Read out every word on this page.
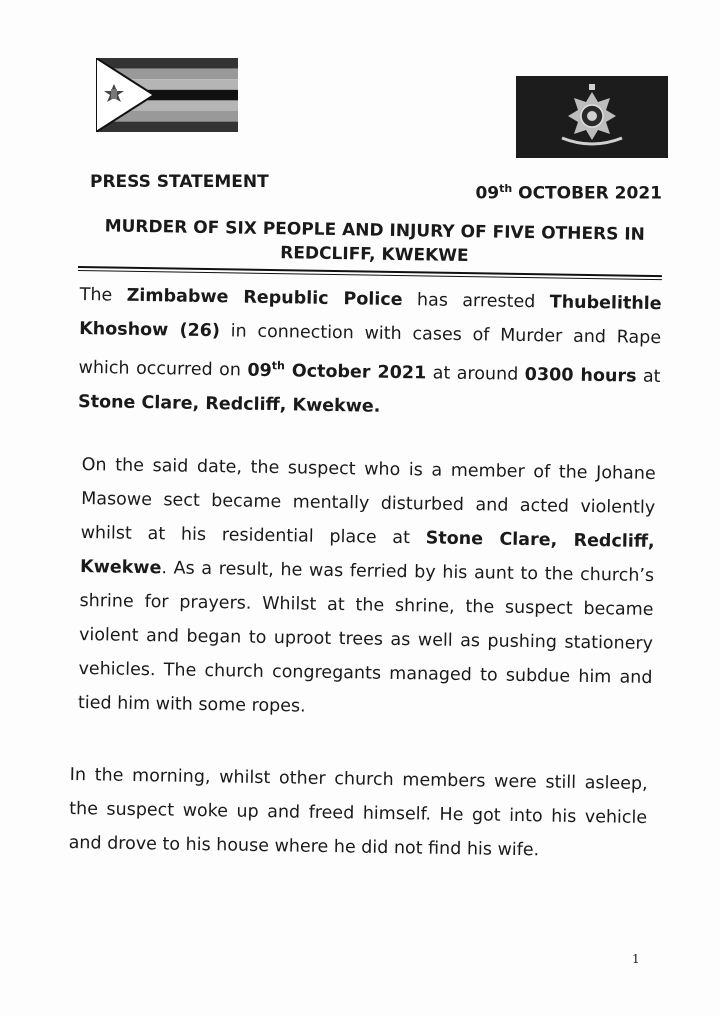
PRESS STATEMENT
09th OCTOBER 2021
MURDER OF SIX PEOPLE AND INJURY OF FIVE OTHERS IN
REDCLIFF, KWEKWE
The Zimbabwe Republic Police has arrested Thubelithle Khoshow (26) in connection with cases of Murder and Rape which occurred on 09th October 2021 at around 0300 hours at Stone Clare, Redcliff, Kwekwe.
On the said date, the suspect who is a member of the Johane Masowe sect became mentally disturbed and acted violently whilst at his residential place at Stone Clare, Redcliff, Kwekwe. As a result, he was ferried by his aunt to the church’s shrine for prayers. Whilst at the shrine, the suspect became violent and began to uproot trees as well as pushing stationery vehicles. The church congregants managed to subdue him and tied him with some ropes.
In the morning, whilst other church members were still asleep, the suspect woke up and freed himself. He got into his vehicle and drove to his house where he did not find his wife.
1
